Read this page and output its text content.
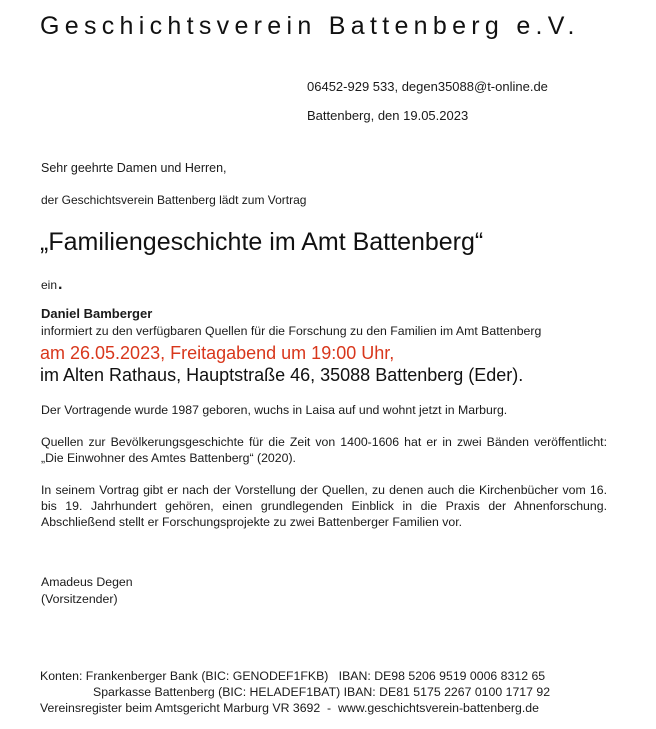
Geschichtsverein Battenberg e.V.
06452-929 533, degen35088@t-online.de
Battenberg, den 19.05.2023
Sehr geehrte Damen und Herren,
der Geschichtsverein Battenberg lädt zum Vortrag
„Familiengeschichte im Amt Battenberg“
ein.
Daniel Bamberger
informiert zu den verfügbaren Quellen für die Forschung zu den Familien im Amt Battenberg
am 26.05.2023, Freitagabend um 19:00 Uhr,
im Alten Rathaus, Hauptstraße 46, 35088 Battenberg (Eder).
Der Vortragende wurde 1987 geboren, wuchs in Laisa auf und wohnt jetzt in Marburg.
Quellen zur Bevölkerungsgeschichte für die Zeit von 1400-1606 hat er in zwei Bänden veröffentlicht: „Die Einwohner des Amtes Battenberg“ (2020).
In seinem Vortrag gibt er nach der Vorstellung der Quellen, zu denen auch die Kirchenbücher vom 16. bis 19. Jahrhundert gehören, einen grundlegenden Einblick in die Praxis der Ahnenforschung. Abschließend stellt er Forschungsprojekte zu zwei Battenberger Familien vor.
Amadeus Degen
(Vorsitzender)
Konten: Frankenberger Bank (BIC: GENODEF1FKB)   IBAN: DE98 5206 9519 0006 8312 65
Sparkasse Battenberg (BIC: HELADEF1BAT) IBAN: DE81 5175 2267 0100 1717 92
Vereinsregister beim Amtsgericht Marburg VR 3692  -  www.geschichtsverein-battenberg.de
